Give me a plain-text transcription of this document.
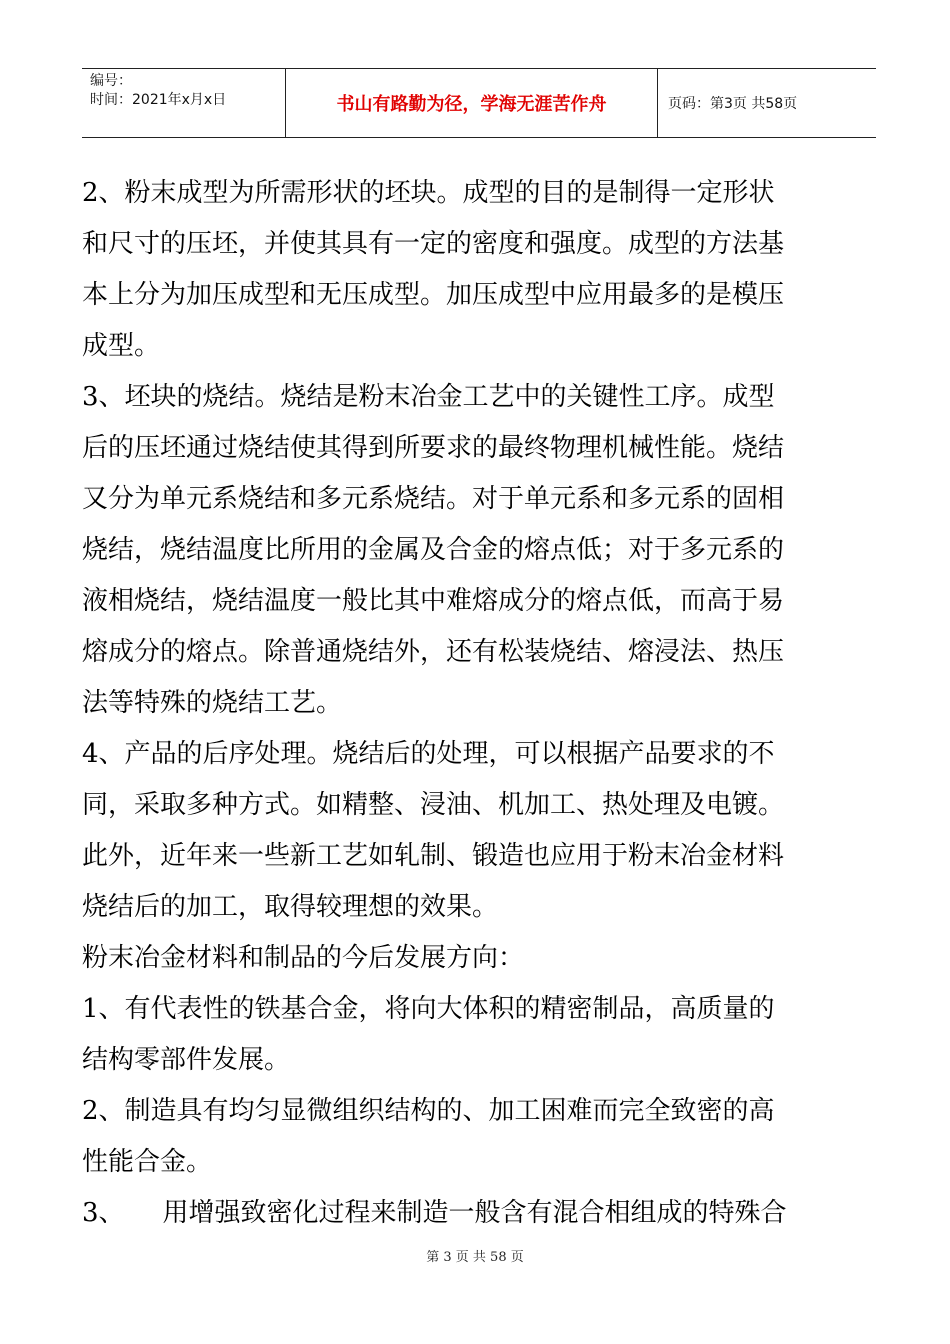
编号：
时间：2021年x月x日	书山有路勤为径，学海无涯苦作舟	页码：第3页 共58页

2、粉末成型为所需形状的坯块。成型的目的是制得一定形状

和尺寸的压坯，并使其具有一定的密度和强度。成型的方法基

本上分为加压成型和无压成型。加压成型中应用最多的是模压

成型。

3、坯块的烧结。烧结是粉末冶金工艺中的关键性工序。成型

后的压坯通过烧结使其得到所要求的最终物理机械性能。烧结

又分为单元系烧结和多元系烧结。对于单元系和多元系的固相

烧结，烧结温度比所用的金属及合金的熔点低；对于多元系的

液相烧结，烧结温度一般比其中难熔成分的熔点低，而高于易

熔成分的熔点。除普通烧结外，还有松装烧结、熔浸法、热压

法等特殊的烧结工艺。

4、产品的后序处理。烧结后的处理，可以根据产品要求的不

同，采取多种方式。如精整、浸油、机加工、热处理及电镀。

此外，近年来一些新工艺如轧制、锻造也应用于粉末冶金材料

烧结后的加工，取得较理想的效果。

粉末冶金材料和制品的今后发展方向：

1、有代表性的铁基合金，将向大体积的精密制品，高质量的

结构零部件发展。

2、制造具有均匀显微组织结构的、加工困难而完全致密的高

性能合金。

3、 用增强致密化过程来制造一般含有混合相组成的特殊合

第 3 页 共 58 页
